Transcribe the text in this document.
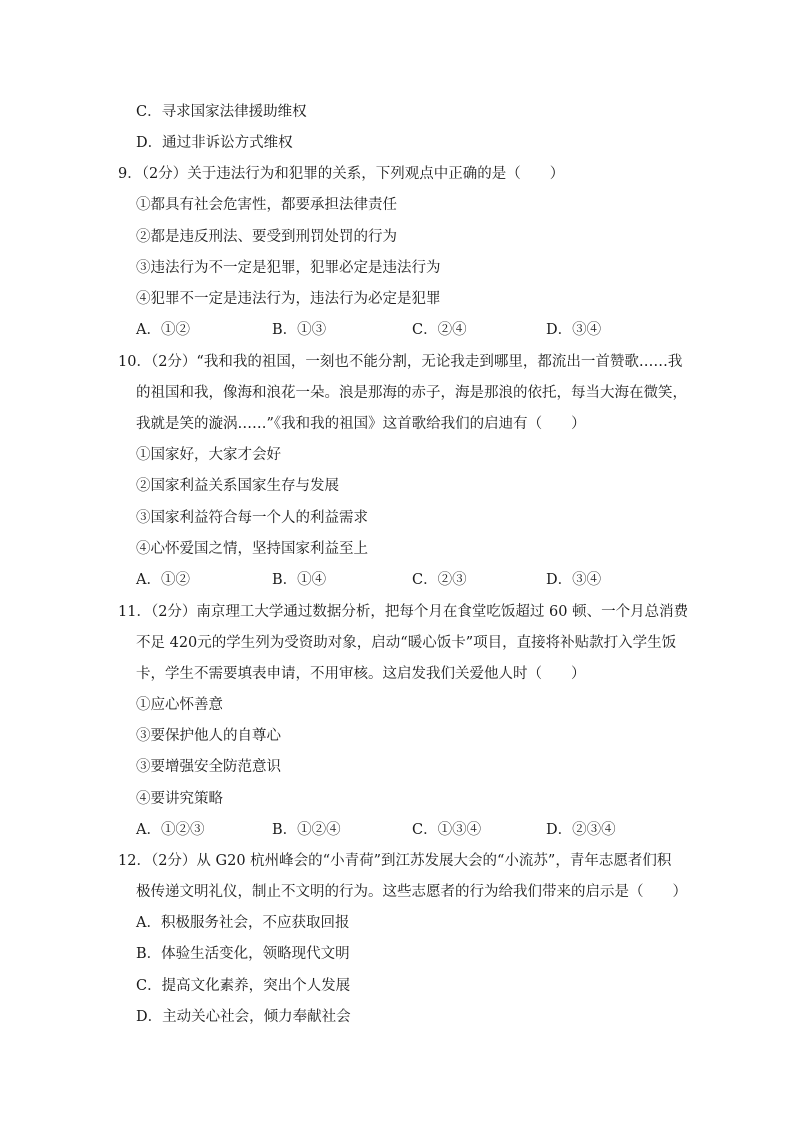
C．寻求国家法律援助维权
D．通过非诉讼方式维权
9．（2分）关于违法行为和犯罪的关系，下列观点中正确的是（　　）
①都具有社会危害性，都要承担法律责任
②都是违反刑法、要受到刑罚处罚的行为
③违法行为不一定是犯罪，犯罪必定是违法行为
④犯罪不一定是违法行为，违法行为必定是犯罪
A．①②	B．①③	C．②④	D．③④
10．（2分）“我和我的祖国，一刻也不能分割，无论我走到哪里，都流出一首赞歌……我
的祖国和我，像海和浪花一朵。浪是那海的赤子，海是那浪的依托，每当大海在微笑，
我就是笑的漩涡……”《我和我的祖国》这首歌给我们的启迪有（　　）
①国家好，大家才会好
②国家利益关系国家生存与发展
③国家利益符合每一个人的利益需求
④心怀爱国之情，坚持国家利益至上
A．①②	B．①④	C．②③	D．③④
11．（2分）南京理工大学通过数据分析，把每个月在食堂吃饭超过 60 顿、一个月总消费
不足 420元的学生列为受资助对象，启动“暖心饭卡”项目，直接将补贴款打入学生饭
卡，学生不需要填表申请，不用审核。这启发我们关爱他人时（　　）
①应心怀善意
③要保护他人的自尊心
③要增强安全防范意识
④要讲究策略
A．①②③	B．①②④	C．①③④	D．②③④
12．（2分）从 G20 杭州峰会的“小青荷”到江苏发展大会的“小流苏”，青年志愿者们积
极传递文明礼仪，制止不文明的行为。这些志愿者的行为给我们带来的启示是（　　）
A．积极服务社会，不应获取回报
B．体验生活变化，领略现代文明
C．提高文化素养，突出个人发展
D．主动关心社会，倾力奉献社会
